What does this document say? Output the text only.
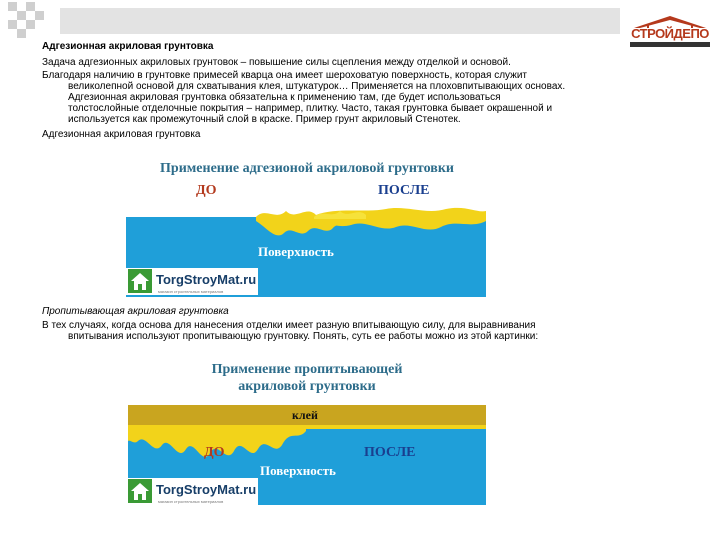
СТРОЙДЕПО
Адгезионная акриловая грунтовка
Задача адгезионных акриловых грунтовок – повышение силы сцепления между отделкой и основой.
Благодаря наличию в грунтовке примесей кварца она имеет шероховатую поверхность, которая служит
великолепной основой для схватывания клея, штукатурок… Применяется на плоховпитывающих основах.
Адгезионная акриловая грунтовка обязательна к применению там, где будет использоваться
толстослойные отделочные покрытия – например, плитку. Часто, такая грунтовка бывает окрашенной и
используется как промежуточный слой в краске. Пример грунт акриловый Стенотек.
Адгезионная акриловая грунтовка
Применение адгезионой акриловой грунтовки
ДО	ПОСЛЕ
Поверхность
TorgStroyMat.ru
магазин строительных материалов
Пропитывающая акриловая грунтовка
В тех случаях, когда основа для нанесения отделки имеет разную впитывающую силу, для выравнивания
впитывания используют пропитывающую грунтовку. Понять, суть ее работы можно из этой картинки:
Применение пропитывающей
акриловой грунтовки
клей
ДО	ПОСЛЕ
Поверхность
TorgStroyMat.ru
магазин строительных материалов
